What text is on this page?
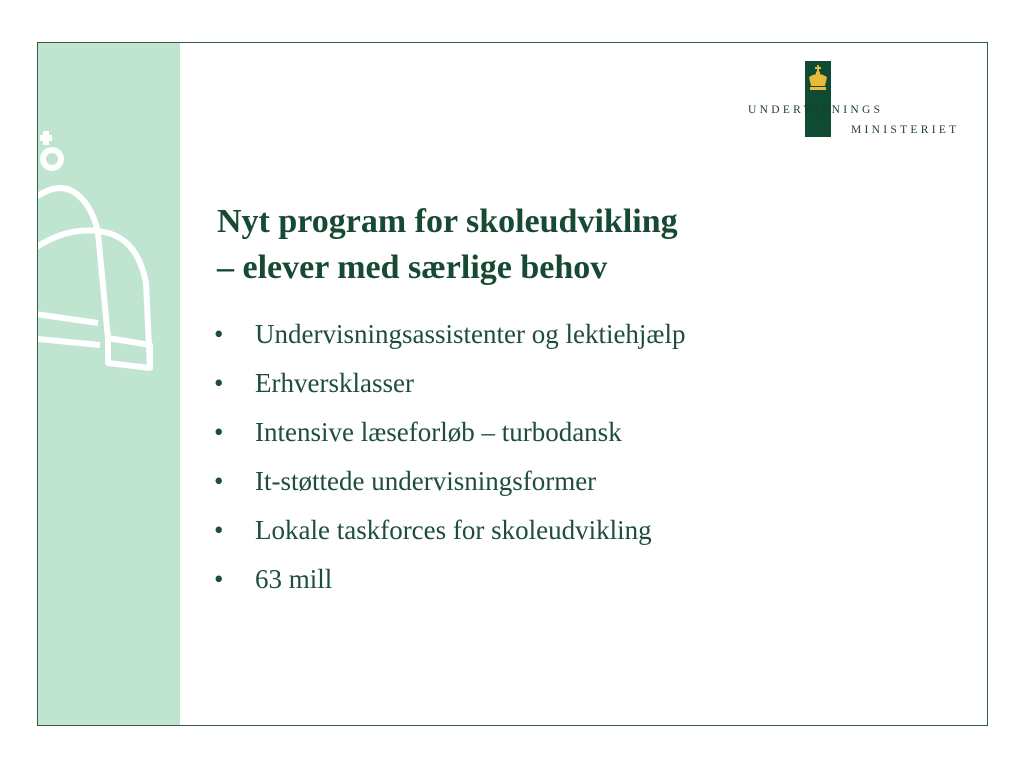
UNDERVISNINGS
MINISTERIET
Nyt program for skoleudvikling
– elever med særlige behov
•	Undervisningsassistenter og lektiehjælp
•	Erhversklasser
•	Intensive læseforløb – turbodansk
•	It-støttede undervisningsformer
•	Lokale taskforces for skoleudvikling
•	63 mill
